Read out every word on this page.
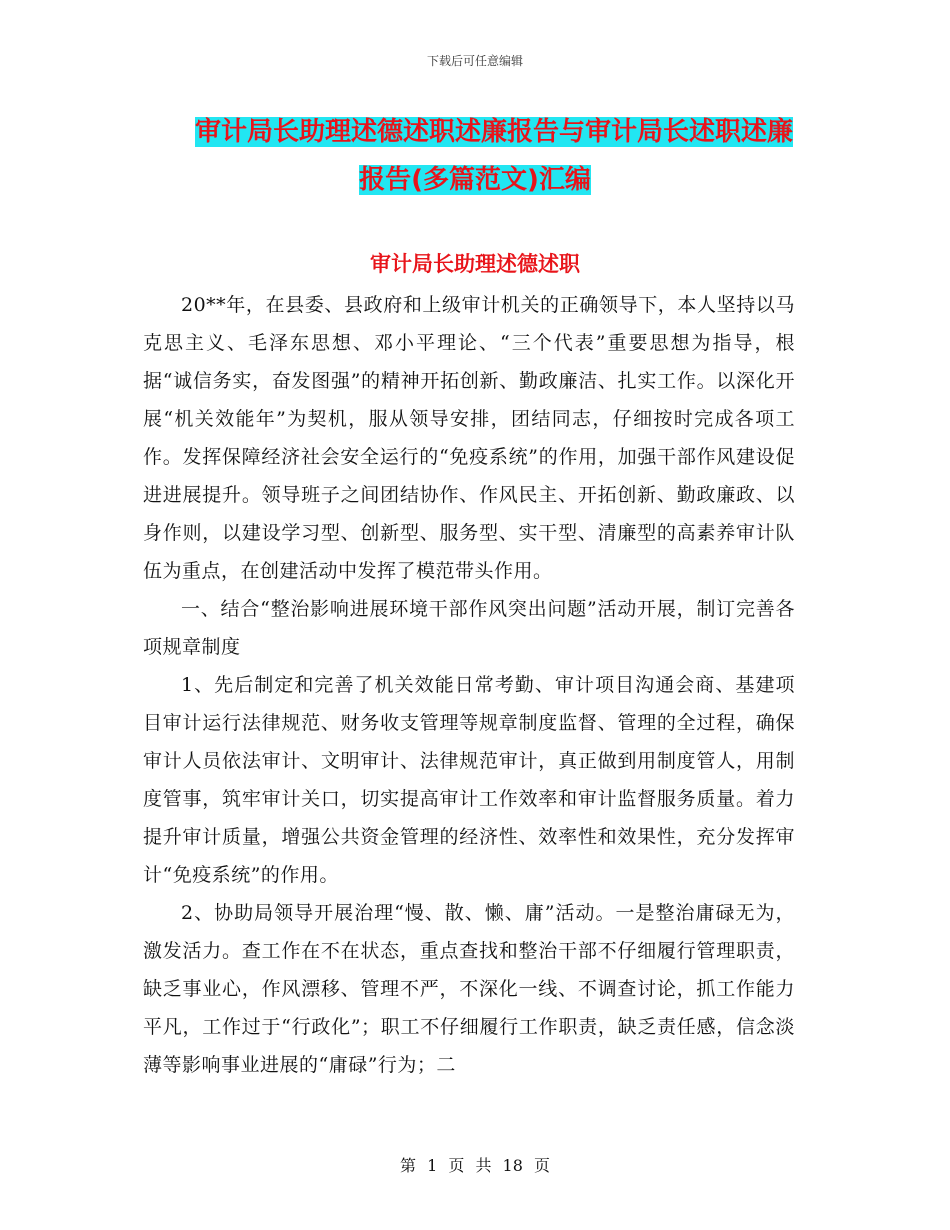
下载后可任意编辑
审计局长助理述德述职述廉报告与审计局长述职述廉
报告(多篇范文)汇编
审计局长助理述德述职

20**年，在县委、县政府和上级审计机关的正确领导下，本人坚持以马克思主义、毛泽东思想、邓小平理论、“三个代表”重要思想为指导，根据“诚信务实，奋发图强”的精神开拓创新、勤政廉洁、扎实工作。以深化开展“机关效能年”为契机，服从领导安排，团结同志，仔细按时完成各项工作。发挥保障经济社会安全运行的“免疫系统”的作用，加强干部作风建设促进进展提升。领导班子之间团结协作、作风民主、开拓创新、勤政廉政、以身作则，以建设学习型、创新型、服务型、实干型、清廉型的高素养审计队伍为重点，在创建活动中发挥了模范带头作用。

一、结合“整治影响进展环境干部作风突出问题”活动开展，制订完善各项规章制度

1、先后制定和完善了机关效能日常考勤、审计项目沟通会商、基建项目审计运行法律规范、财务收支管理等规章制度监督、管理的全过程，确保审计人员依法审计、文明审计、法律规范审计，真正做到用制度管人，用制度管事，筑牢审计关口，切实提高审计工作效率和审计监督服务质量。着力提升审计质量，增强公共资金管理的经济性、效率性和效果性，充分发挥审计“免疫系统”的作用。

2、协助局领导开展治理“慢、散、懒、庸”活动。一是整治庸碌无为，激发活力。查工作在不在状态，重点查找和整治干部不仔细履行管理职责，缺乏事业心，作风漂移、管理不严，不深化一线、不调查讨论，抓工作能力平凡，工作过于“行政化”；职工不仔细履行工作职责，缺乏责任感，信念淡薄等影响事业进展的“庸碌”行为；二

第 1 页 共 18 页
